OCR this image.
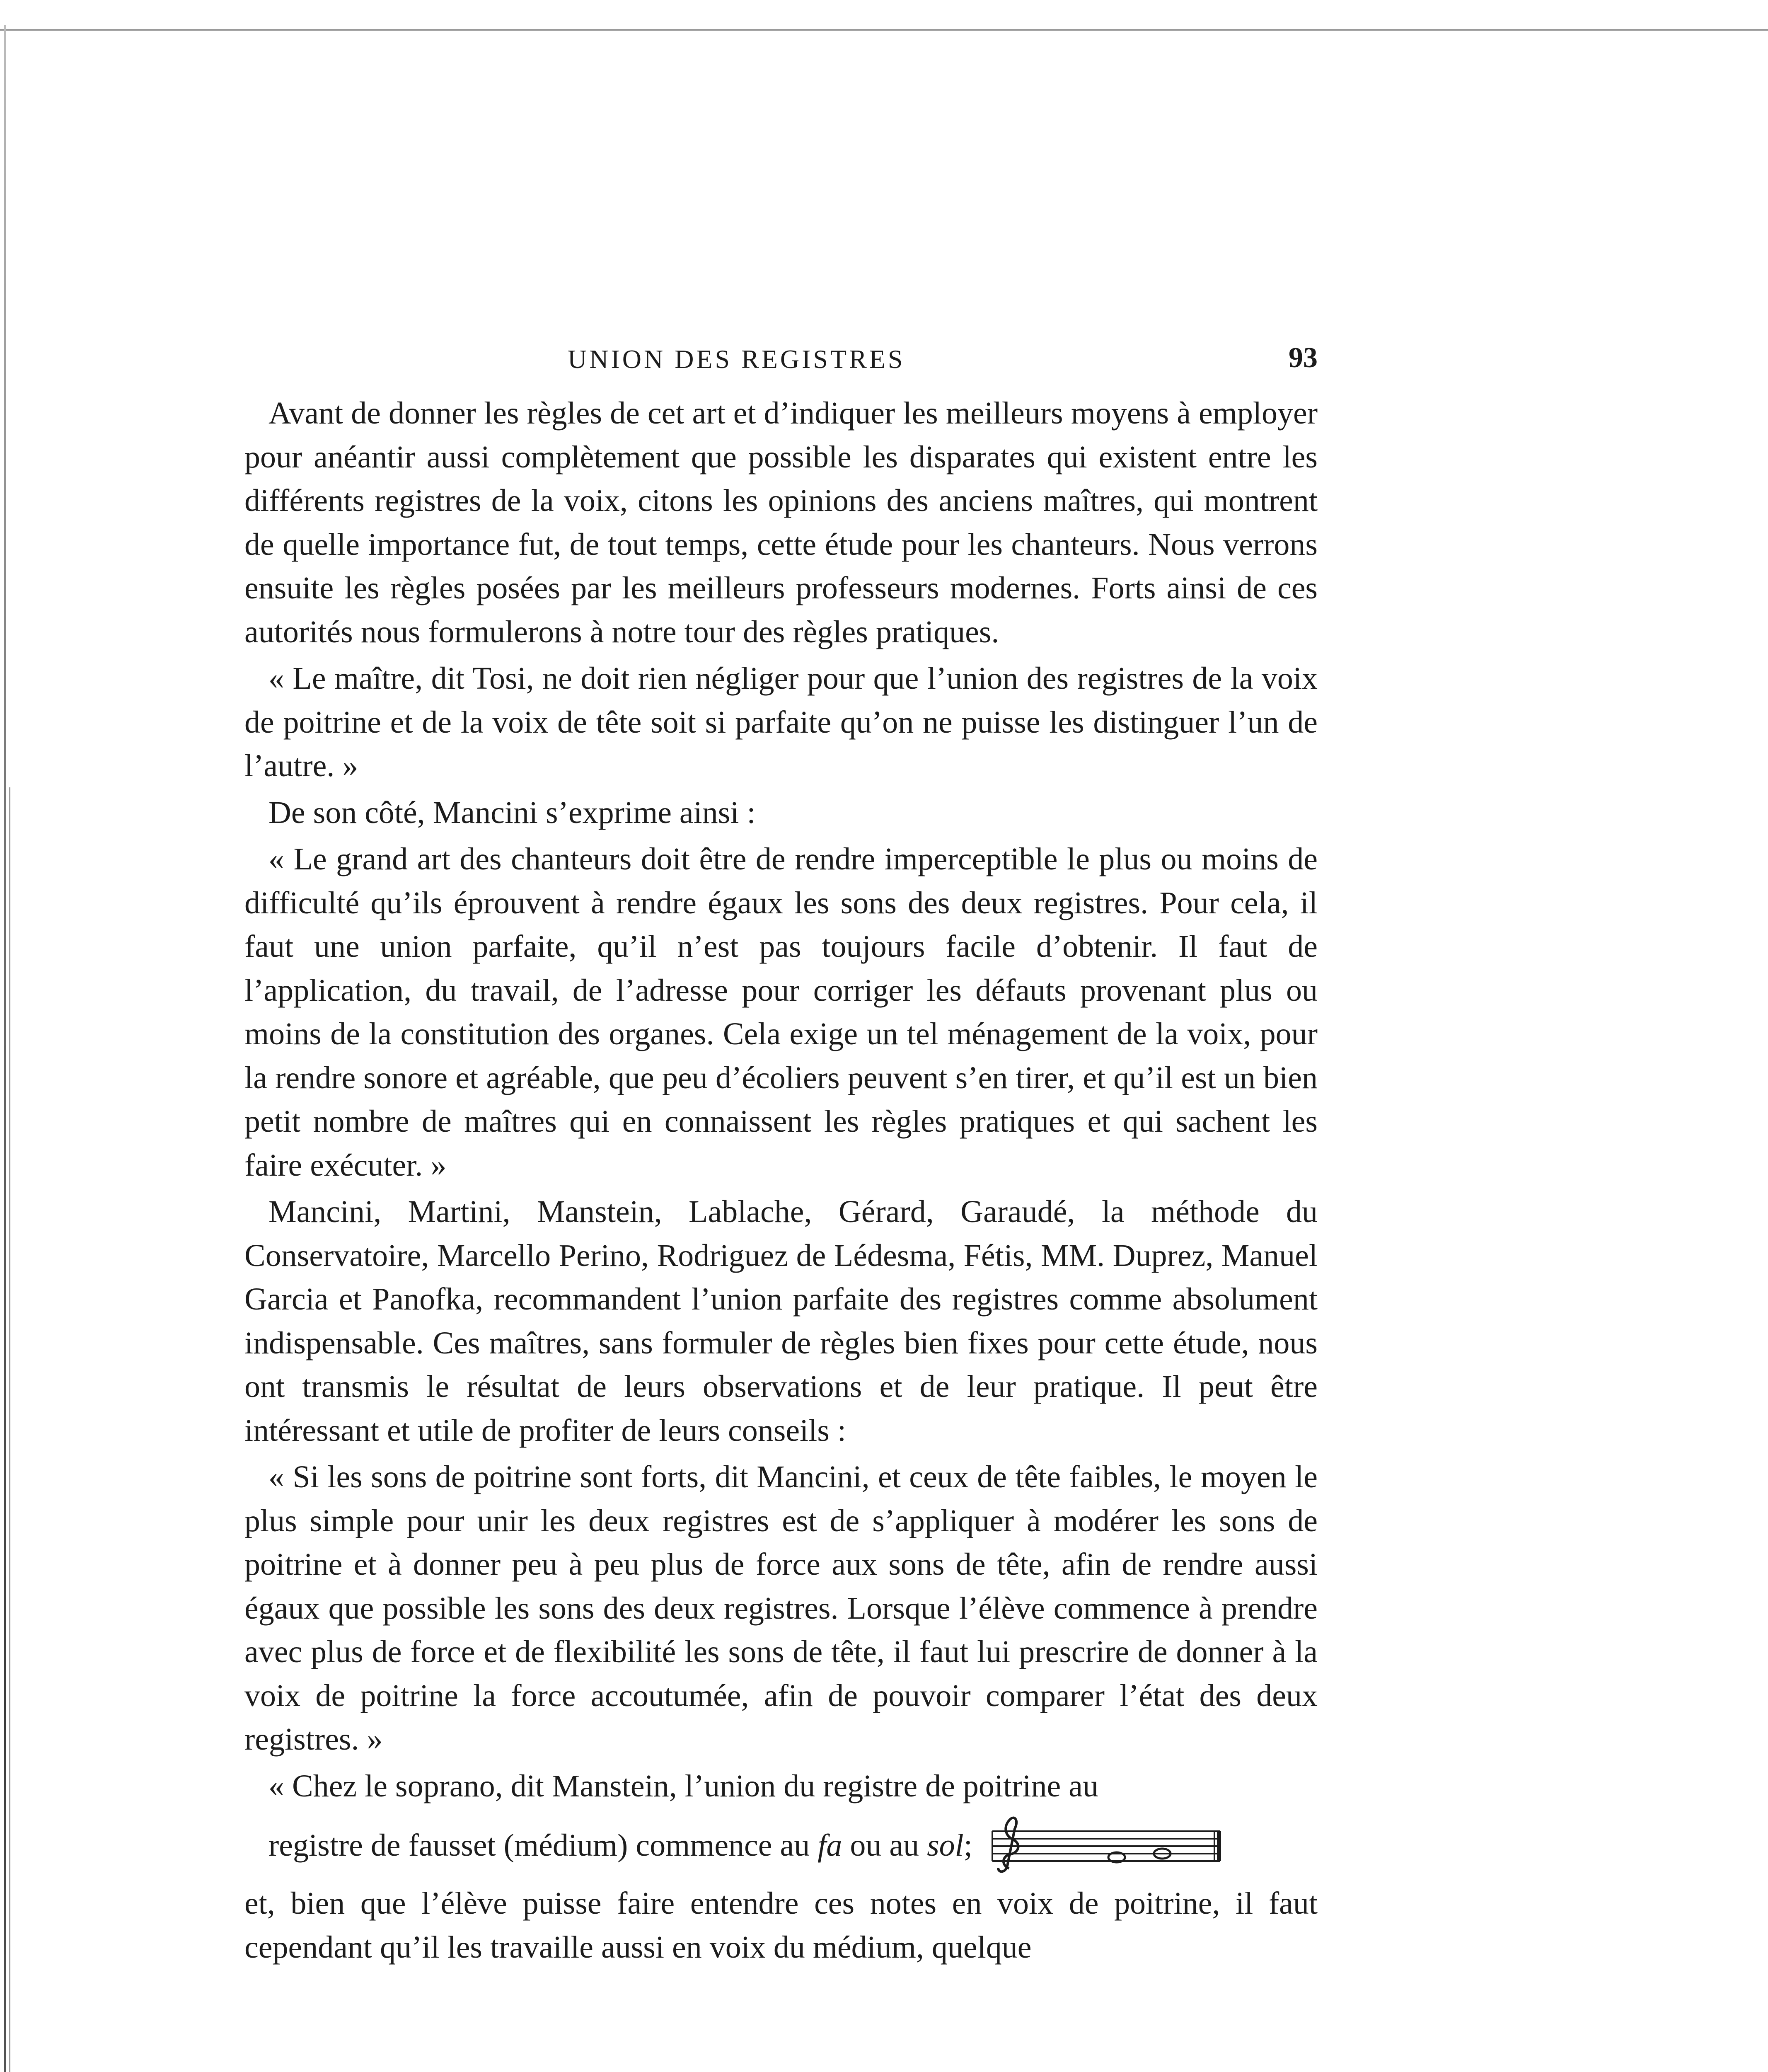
UNION DES REGISTRES	93

Avant de donner les règles de cet art et d’indiquer les meilleurs moyens à employer pour anéantir aussi complètement que possible les disparates qui existent entre les différents registres de la voix, citons les opinions des anciens maîtres, qui montrent de quelle importance fut, de tout temps, cette étude pour les chanteurs. Nous verrons ensuite les règles posées par les meilleurs professeurs modernes. Forts ainsi de ces autorités nous formulerons à notre tour des règles pratiques.

« Le maître, dit Tosi, ne doit rien négliger pour que l’union des registres de la voix de poitrine et de la voix de tête soit si parfaite qu’on ne puisse les distinguer l’un de l’autre. »

De son côté, Mancini s’exprime ainsi :

« Le grand art des chanteurs doit être de rendre imperceptible le plus ou moins de difficulté qu’ils éprouvent à rendre égaux les sons des deux registres. Pour cela, il faut une union parfaite, qu’il n’est pas toujours facile d’obtenir. Il faut de l’application, du travail, de l’adresse pour corriger les défauts provenant plus ou moins de la constitution des organes. Cela exige un tel ménagement de la voix, pour la rendre sonore et agréable, que peu d’écoliers peuvent s’en tirer, et qu’il est un bien petit nombre de maîtres qui en connaissent les règles pratiques et qui sachent les faire exécuter. »

Mancini, Martini, Manstein, Lablache, Gérard, Garaudé, la méthode du Conservatoire, Marcello Perino, Rodriguez de Lédesma, Fétis, MM. Duprez, Manuel Garcia et Panofka, recommandent l’union parfaite des registres comme absolument indispensable. Ces maîtres, sans formuler de règles bien fixes pour cette étude, nous ont transmis le résultat de leurs observations et de leur pratique. Il peut être intéressant et utile de profiter de leurs conseils :

« Si les sons de poitrine sont forts, dit Mancini, et ceux de tête faibles, le moyen le plus simple pour unir les deux registres est de s’appliquer à modérer les sons de poitrine et à donner peu à peu plus de force aux sons de tête, afin de rendre aussi égaux que possible les sons des deux registres. Lorsque l’élève commence à prendre avec plus de force et de flexibilité les sons de tête, il faut lui prescrire de donner à la voix de poitrine la force accoutumée, afin de pouvoir comparer l’état des deux registres. »

« Chez le soprano, dit Manstein, l’union du registre de poitrine au

registre de fausset (médium) commence au fa ou au sol;

et, bien que l’élève puisse faire entendre ces notes en voix de poitrine, il faut cependant qu’il les travaille aussi en voix du médium, quelque
